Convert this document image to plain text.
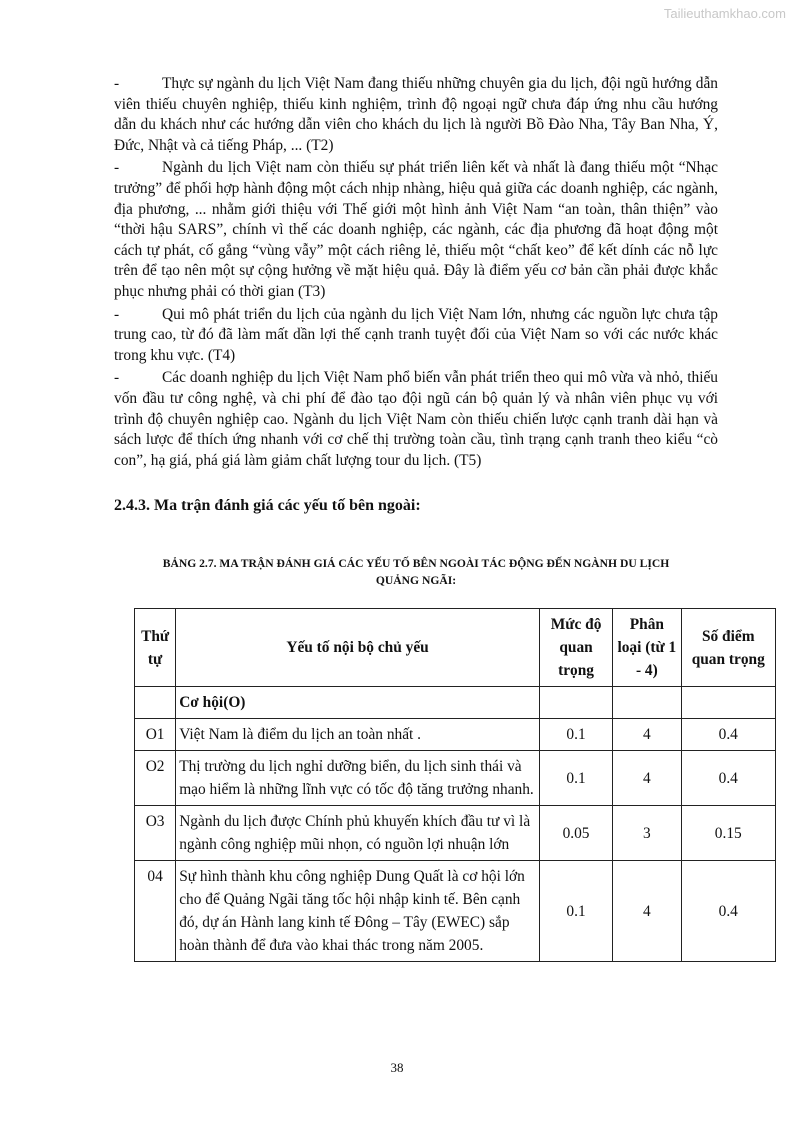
Tailieuthamkhao.com

-	Thực sự ngành du lịch Việt Nam đang thiếu những chuyên gia du lịch, đội ngũ hướng dẫn viên thiếu chuyên nghiệp, thiếu kinh nghiệm, trình độ ngoại ngữ chưa đáp ứng nhu cầu hướng dẫn du khách như các hướng dẫn viên cho khách du lịch là người Bồ Đào Nha, Tây Ban Nha, Ý, Đức, Nhật và cả tiếng Pháp, ... (T2)

-	Ngành du lịch Việt nam còn thiếu sự phát triển liên kết và nhất là đang thiếu một “Nhạc trưởng” để phối hợp hành động một cách nhịp nhàng, hiệu quả giữa các doanh nghiệp, các ngành, địa phương, ... nhằm giới thiệu với Thế giới một hình ảnh Việt Nam “an toàn, thân thiện” vào “thời hậu SARS”, chính vì thế các doanh nghiệp, các ngành, các địa phương đã hoạt động một cách tự phát, cố gắng “vùng vẫy” một cách riêng lẻ, thiếu một “chất keo” để kết dính các nỗ lực trên để tạo nên một sự cộng hưởng về mặt hiệu quả. Đây là điểm yếu cơ bản cần phải được khắc phục nhưng phải có thời gian (T3)

-	Qui mô phát triển du lịch của ngành du lịch Việt Nam lớn, nhưng các nguồn lực chưa tập trung cao, từ đó đã làm mất dần lợi thế cạnh tranh tuyệt đối của Việt Nam so với các nước khác trong khu vực. (T4)

-	Các doanh nghiệp du lịch Việt Nam phổ biến vẫn phát triển theo qui mô vừa và nhỏ, thiếu vốn đầu tư công nghệ, và chi phí để đào tạo đội ngũ cán bộ quản lý và nhân viên phục vụ với trình độ chuyên nghiệp cao. Ngành du lịch Việt Nam còn thiếu chiến lược cạnh tranh dài hạn và sách lược để thích ứng nhanh với cơ chế thị trường toàn cầu, tình trạng cạnh tranh theo kiểu “cò con”, hạ giá, phá giá làm giảm chất lượng tour du lịch. (T5)

2.4.3. Ma trận đánh giá các yếu tố bên ngoài:
BẢNG 2.7. MA TRẬN ĐÁNH GIÁ CÁC YẾU TỐ BÊN NGOÀI TÁC ĐỘNG ĐẾN NGÀNH DU LỊCH
QUẢNG NGÃI:
Thứ tự	Yếu tố nội bộ chủ yếu	Mức độ quan trọng	Phân loại (từ 1 - 4)	Số điểm quan trọng
	Cơ hội(O)			
O1	Việt Nam là điểm du lịch an toàn nhất .	0.1	4	0.4
O2	Thị trường du lịch nghỉ dưỡng biển, du lịch sinh thái và mạo hiểm là những lĩnh vực có tốc độ tăng trưởng nhanh.	0.1	4	0.4
O3	Ngành du lịch được Chính phủ khuyến khích đầu tư vì là ngành công nghiệp mũi nhọn, có nguồn lợi nhuận lớn	0.05	3	0.15
04	Sự hình thành khu công nghiệp Dung Quất là cơ hội lớn cho để Quảng Ngãi tăng tốc hội nhập kinh tế. Bên cạnh đó, dự án Hành lang kinh tế Đông – Tây (EWEC) sắp hoàn thành để đưa vào khai thác trong năm 2005.	0.1	4	0.4
38
